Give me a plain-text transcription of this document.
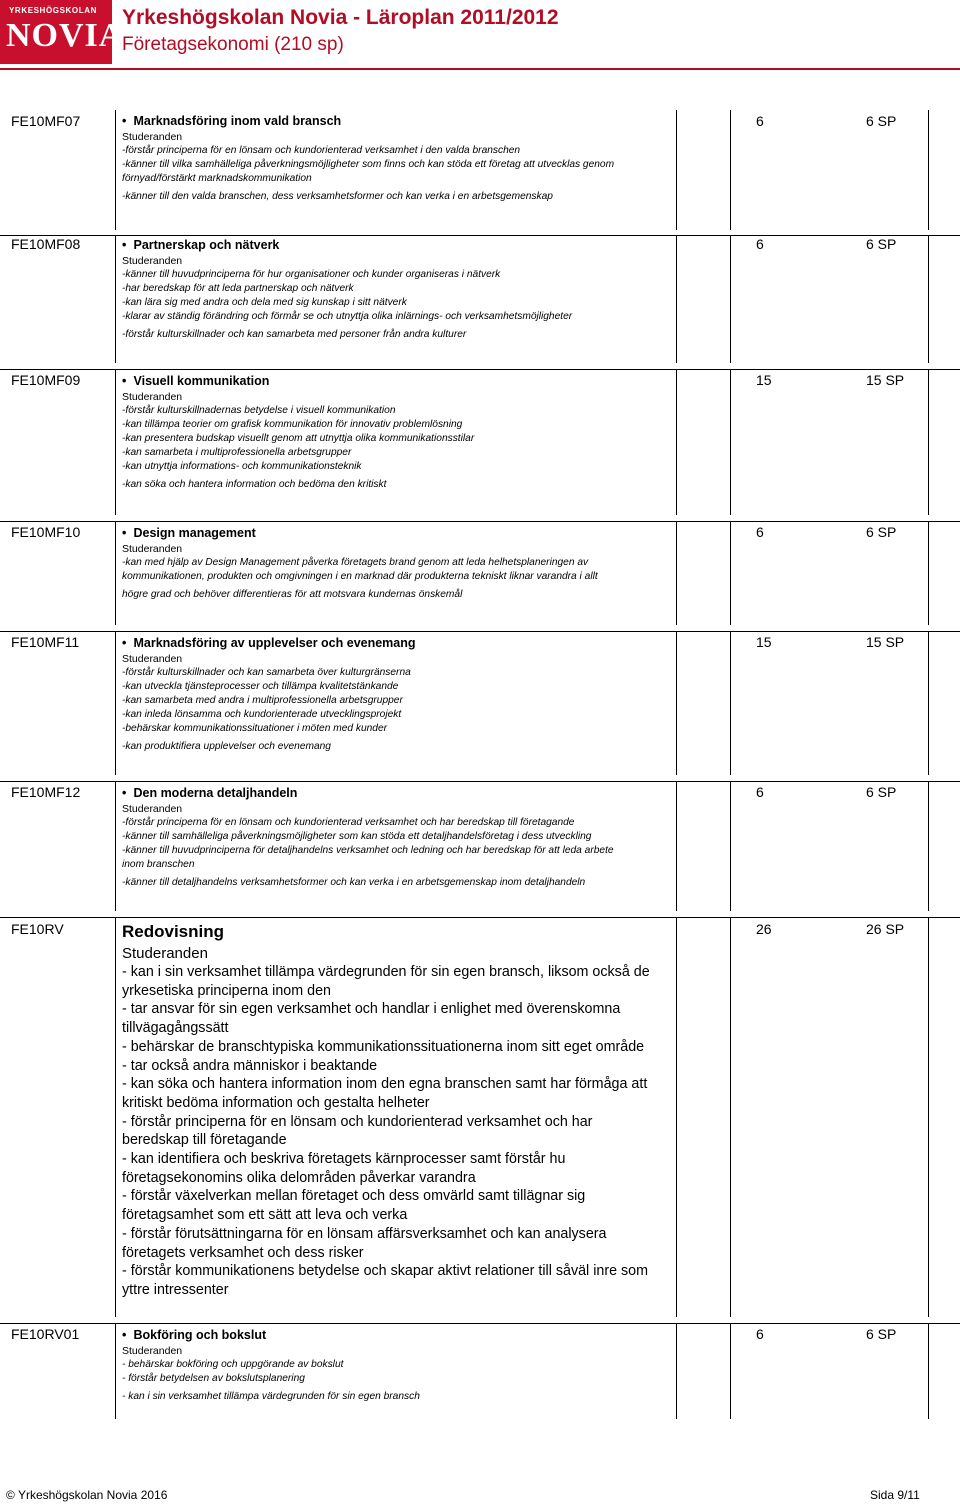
YRKESHÖGSKOLAN
NOVIA
Yrkeshögskolan Novia - Läroplan 2011/2012
Företagsekonomi (210 sp)
FE10MF07	• Marknadsföring inom vald bransch
Studeranden
-förstår principerna för en lönsam och kundorienterad verksamhet i den valda branschen
-känner till vilka samhälleliga påverkningsmöjligheter som finns och kan stöda ett företag att utvecklas genom
förnyad/förstärkt marknadskommunikation
-känner till den valda branschen, dess verksamhetsformer och kan verka i en arbetsgemenskap
6	6 SP
FE10MF08	• Partnerskap och nätverk
Studeranden
-känner till huvudprinciperna för hur organisationer och kunder organiseras i nätverk
-har beredskap för att leda partnerskap och nätverk
-kan lära sig med andra och dela med sig kunskap i sitt nätverk
-klarar av ständig förändring och förmår se och utnyttja olika inlärnings- och verksamhetsmöjligheter
-förstår kulturskillnader och kan samarbeta med personer från andra kulturer
6	6 SP
FE10MF09	• Visuell kommunikation
Studeranden
-förstår kulturskillnadernas betydelse i visuell kommunikation
-kan tillämpa teorier om grafisk kommunikation för innovativ problemlösning
-kan presentera budskap visuellt genom att utnyttja olika kommunikationsstilar
-kan samarbeta i multiprofessionella arbetsgrupper
-kan utnyttja informations- och kommunikationsteknik
-kan söka och hantera information och bedöma den kritiskt
15	15 SP
FE10MF10	• Design management
Studeranden
-kan med hjälp av Design Management påverka företagets brand genom att leda helhetsplaneringen av
kommunikationen, produkten och omgivningen i en marknad där produkterna tekniskt liknar varandra i allt
högre grad och behöver differentieras för att motsvara kundernas önskemål
6	6 SP
FE10MF11	• Marknadsföring av upplevelser och evenemang
Studeranden
-förstår kulturskillnader och kan samarbeta över kulturgränserna
-kan utveckla tjänsteprocesser och tillämpa kvalitetstänkande
-kan samarbeta med andra i multiprofessionella arbetsgrupper
-kan inleda lönsamma och kundorienterade utvecklingsprojekt
-behärskar kommunikationssituationer i möten med kunder
-kan produktifiera upplevelser och evenemang
15	15 SP
FE10MF12	• Den moderna detaljhandeln
Studeranden
-förstår principerna för en lönsam och kundorienterad verksamhet och har beredskap till företagande
-känner till samhälleliga påverkningsmöjligheter som kan stöda ett detaljhandelsföretag i dess utveckling
-känner till huvudprinciperna för detaljhandelns verksamhet och ledning och har beredskap för att leda arbete
inom branschen
-känner till detaljhandelns verksamhetsformer och kan verka i en arbetsgemenskap inom detaljhandeln
6	6 SP
FE10RV	Redovisning
Studeranden
- kan i sin verksamhet tillämpa värdegrunden för sin egen bransch, liksom också de
yrkesetiska principerna inom den
- tar ansvar för sin egen verksamhet och handlar i enlighet med överenskomna
tillvägagångssätt
- behärskar de branschtypiska kommunikationssituationerna inom sitt eget område
- tar också andra människor i beaktande
- kan söka och hantera information inom den egna branschen samt har förmåga att
kritiskt bedöma information och gestalta helheter
- förstår principerna för en lönsam och kundorienterad verksamhet och har
beredskap till företagande
- kan identifiera och beskriva företagets kärnprocesser samt förstår hu
företagsekonomins olika delområden påverkar varandra
- förstår växelverkan mellan företaget och dess omvärld samt tillägnar sig
företagsamhet som ett sätt att leva och verka
- förstår förutsättningarna för en lönsam affärsverksamhet och kan analysera
företagets verksamhet och dess risker
- förstår kommunikationens betydelse och skapar aktivt relationer till såväl inre som
yttre intressenter
26	26 SP
FE10RV01	• Bokföring och bokslut
Studeranden
- behärskar bokföring och uppgörande av bokslut
- förstår betydelsen av bokslutsplanering
- kan i sin verksamhet tillämpa värdegrunden för sin egen bransch
6	6 SP
© Yrkeshögskolan Novia 2016	Sida 9/11
